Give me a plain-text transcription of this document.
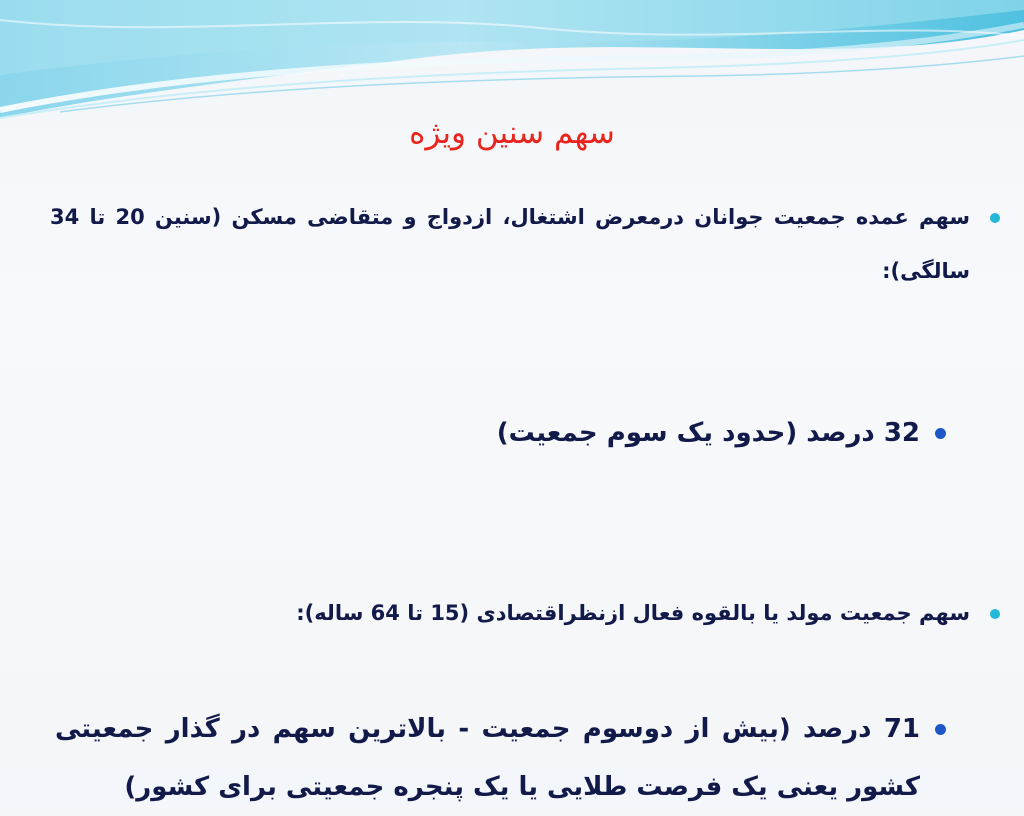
سهم سنین ویژه
سهم عمده جمعیت جوانان درمعرض اشتغال، ازدواج و متقاضی مسکن (سنین 20 تا 34 سالگی):
32 درصد (حدود یک سوم جمعیت)
سهم جمعیت مولد یا بالقوه فعال ازنظراقتصادی (15 تا 64 ساله):
71 درصد (بیش از دوسوم جمعیت - بالاترین سهم در گذار جمعیتی کشور یعنی یک فرصت طلایی یا یک پنجره جمعیتی برای کشور)
